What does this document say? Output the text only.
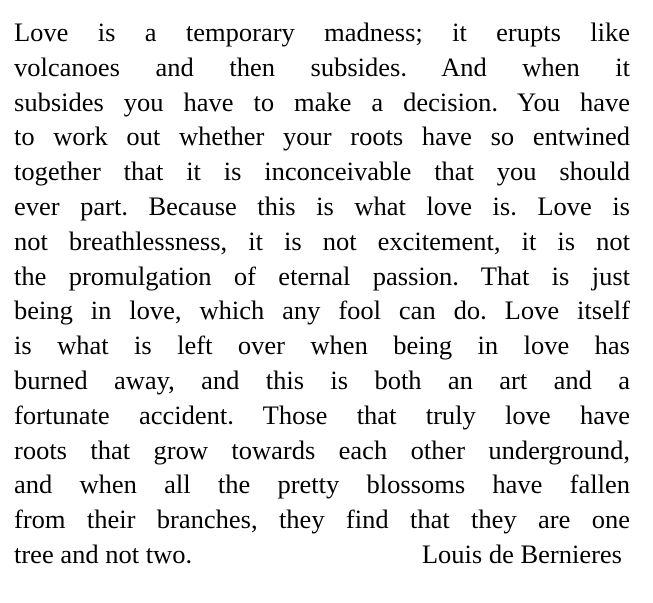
Love is a temporary madness; it erupts like
volcanoes and then subsides. And when it
subsides you have to make a decision. You have
to work out whether your roots have so entwined
together that it is inconceivable that you should
ever part. Because this is what love is. Love is
not breathlessness, it is not excitement, it is not
the promulgation of eternal passion. That is just
being in love, which any fool can do. Love itself
is what is left over when being in love has
burned away, and this is both an art and a
fortunate accident. Those that truly love have
roots that grow towards each other underground,
and when all the pretty blossoms have fallen
from their branches, they find that they are one
tree and not two.	Louis de Bernieres
